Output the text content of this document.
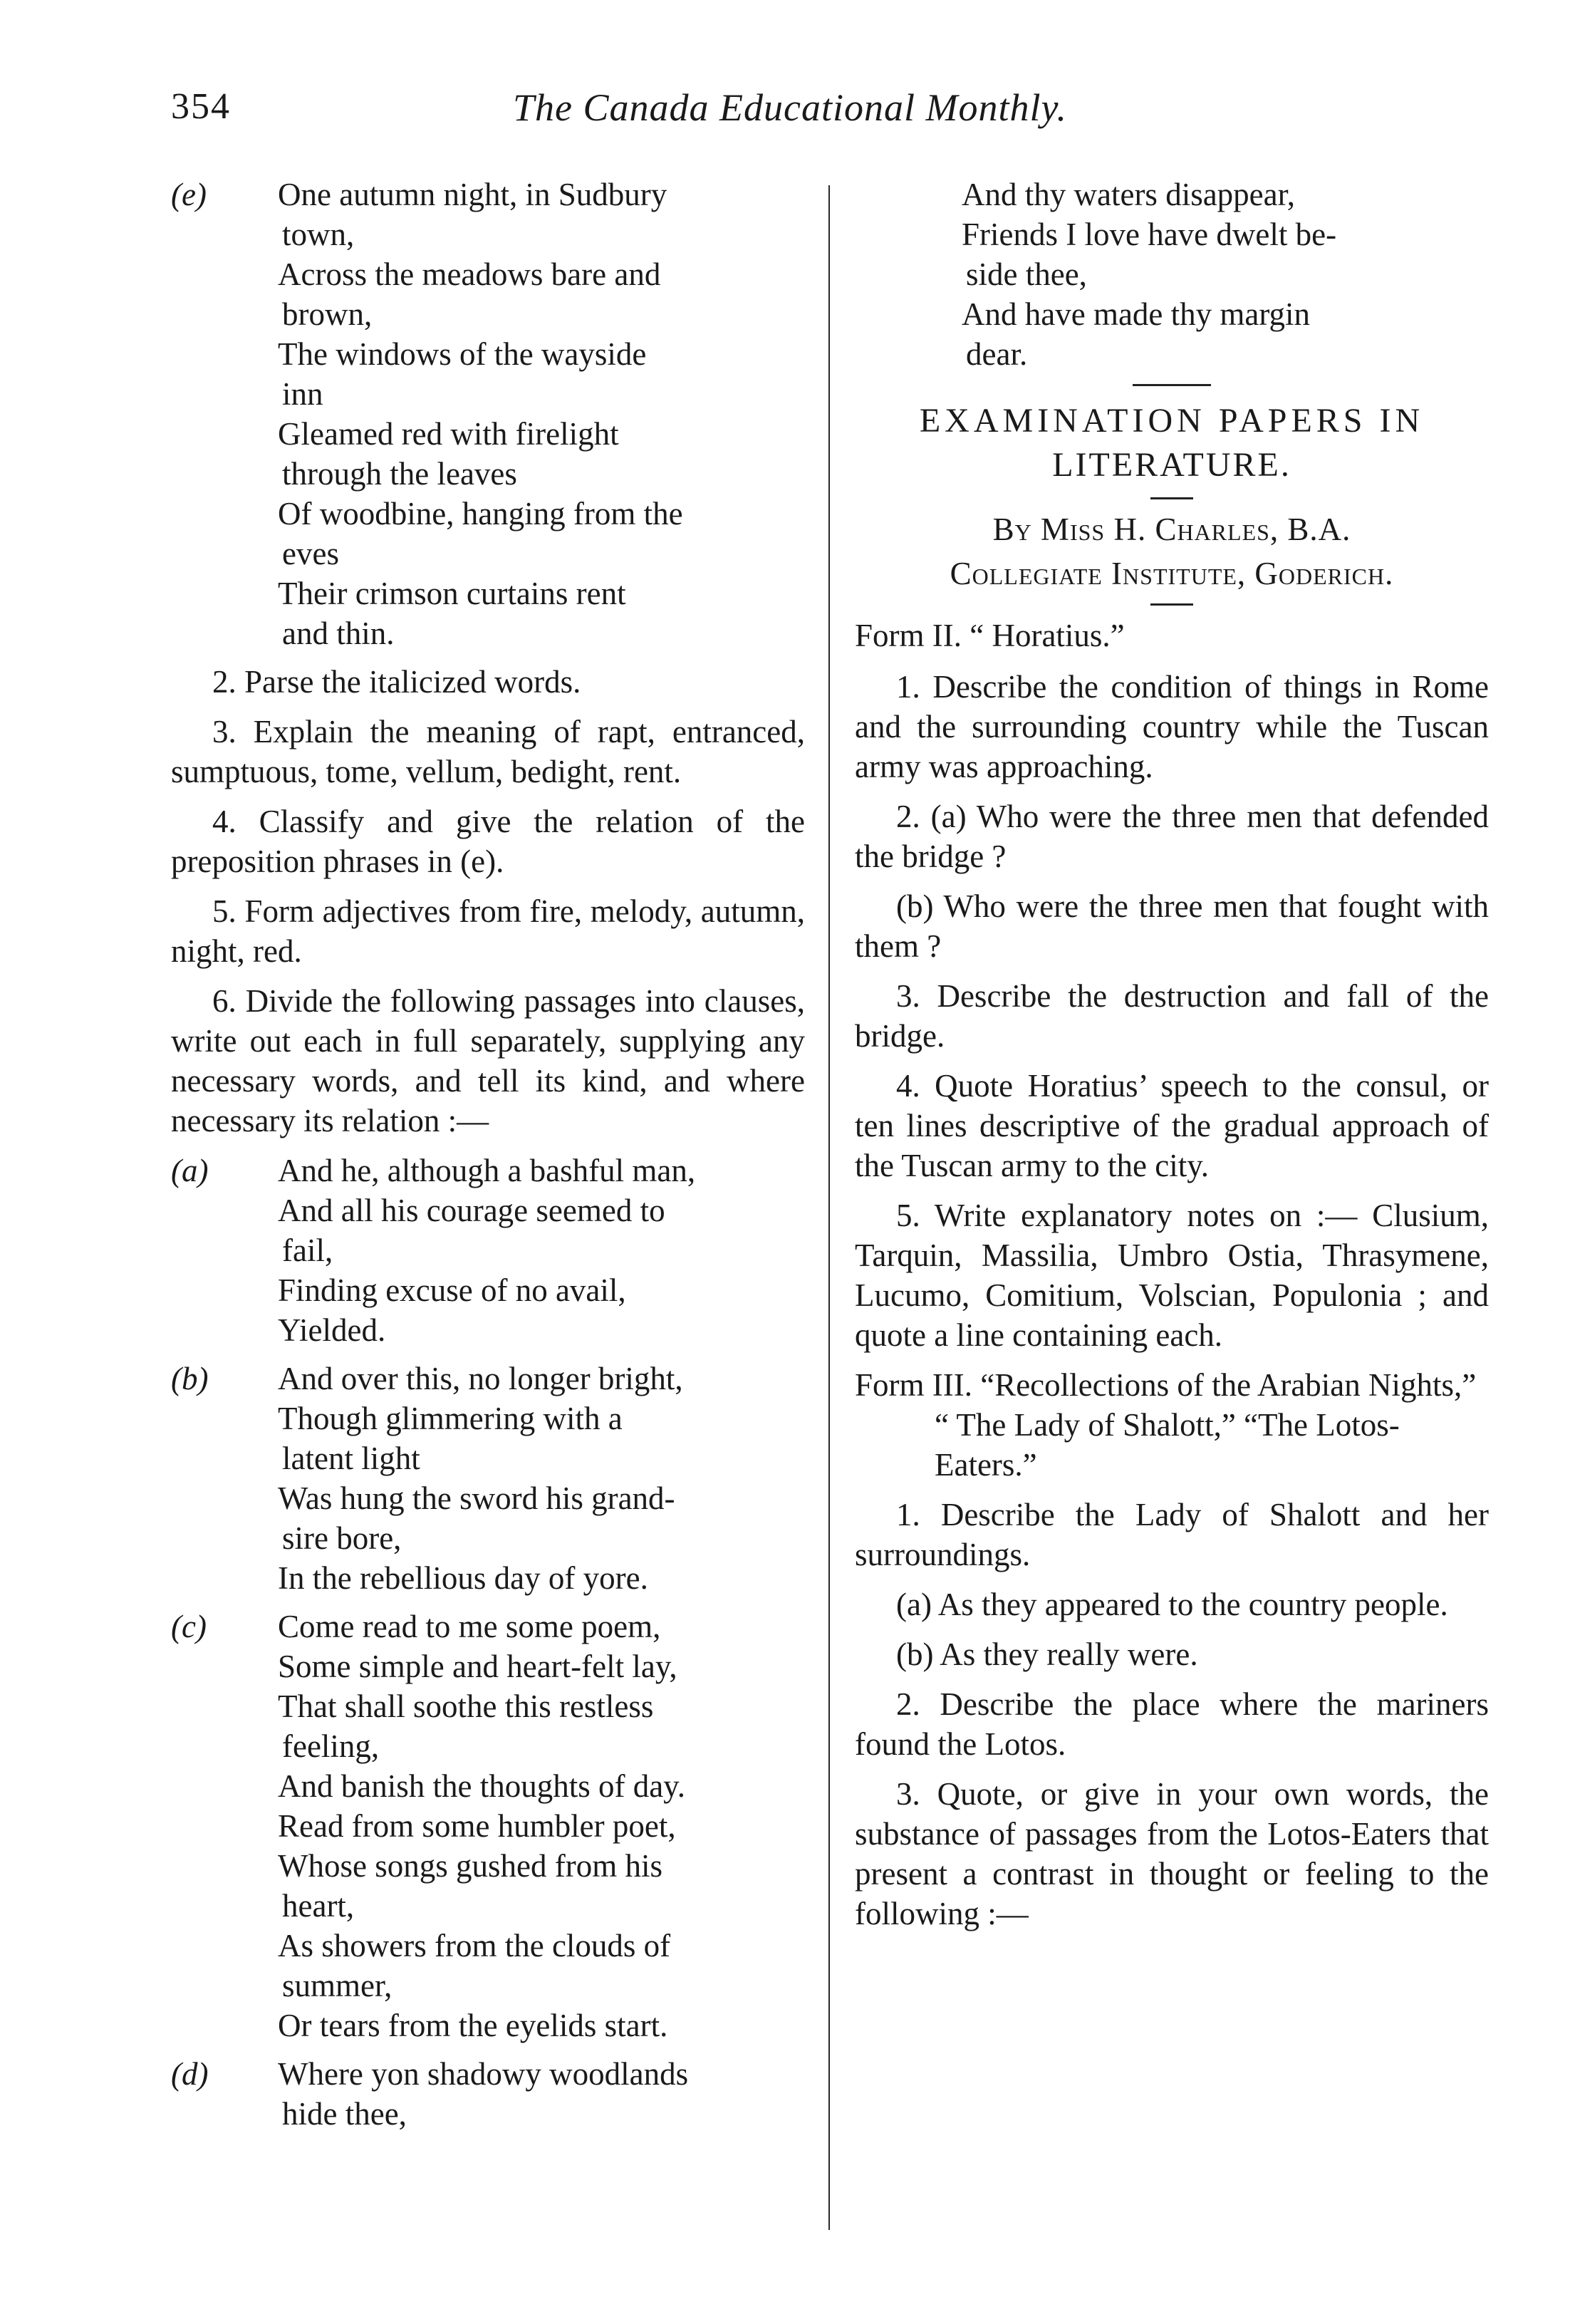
354	The Canada Educational Monthly.
(e) One autumn night, in Sudbury
town,
Across the meadows bare and
brown,
The windows of the wayside
inn
Gleamed red with firelight
through the leaves
Of woodbine, hanging from the
eves
Their crimson curtains rent
and thin.

2. Parse the italicized words.

3. Explain the meaning of rapt, entranced, sumptuous, tome, vellum, bedight, rent.

4. Classify and give the relation of the preposition phrases in (e).

5. Form adjectives from fire, melody, autumn, night, red.

6. Divide the following passages into clauses, write out each in full separately, supplying any necessary words, and tell its kind, and where necessary its relation :—

(a) And he, although a bashful man,
And all his courage seemed to
fail,
Finding excuse of no avail,
Yielded.
(b) And over this, no longer bright,
Though glimmering with a
latent light
Was hung the sword his grand-
sire bore,
In the rebellious day of yore.
(c) Come read to me some poem,
Some simple and heart-felt lay,
That shall soothe this restless
feeling,
And banish the thoughts of day.
Read from some humbler poet,
Whose songs gushed from his
heart,
As showers from the clouds of
summer,
Or tears from the eyelids start.
(d) Where yon shadowy woodlands
hide thee,
And thy waters disappear,
Friends I love have dwelt be-
side thee,
And have made thy margin
dear.
EXAMINATION PAPERS IN
LITERATURE.

By Miss H. Charles, B.A.

Collegiate Institute, Goderich.

Form II. “ Horatius.”

1. Describe the condition of things in Rome and the surrounding country while the Tuscan army was approaching.

2. (a) Who were the three men that defended the bridge ?

(b) Who were the three men that fought with them ?

3. Describe the destruction and fall of the bridge.

4. Quote Horatius’ speech to the consul, or ten lines descriptive of the gradual approach of the Tuscan army to the city.

5. Write explanatory notes on :— Clusium, Tarquin, Massilia, Umbro Ostia, Thrasymene, Lucumo, Comitium, Volscian, Populonia ; and quote a line containing each.

Form III. “Recollections of the Arabian Nights,” “ The Lady of Shalott,” “The Lotos-Eaters.”

1. Describe the Lady of Shalott and her surroundings.

(a) As they appeared to the country people.

(b) As they really were.

2. Describe the place where the mariners found the Lotos.

3. Quote, or give in your own words, the substance of passages from the Lotos-Eaters that present a contrast in thought or feeling to the following :—
